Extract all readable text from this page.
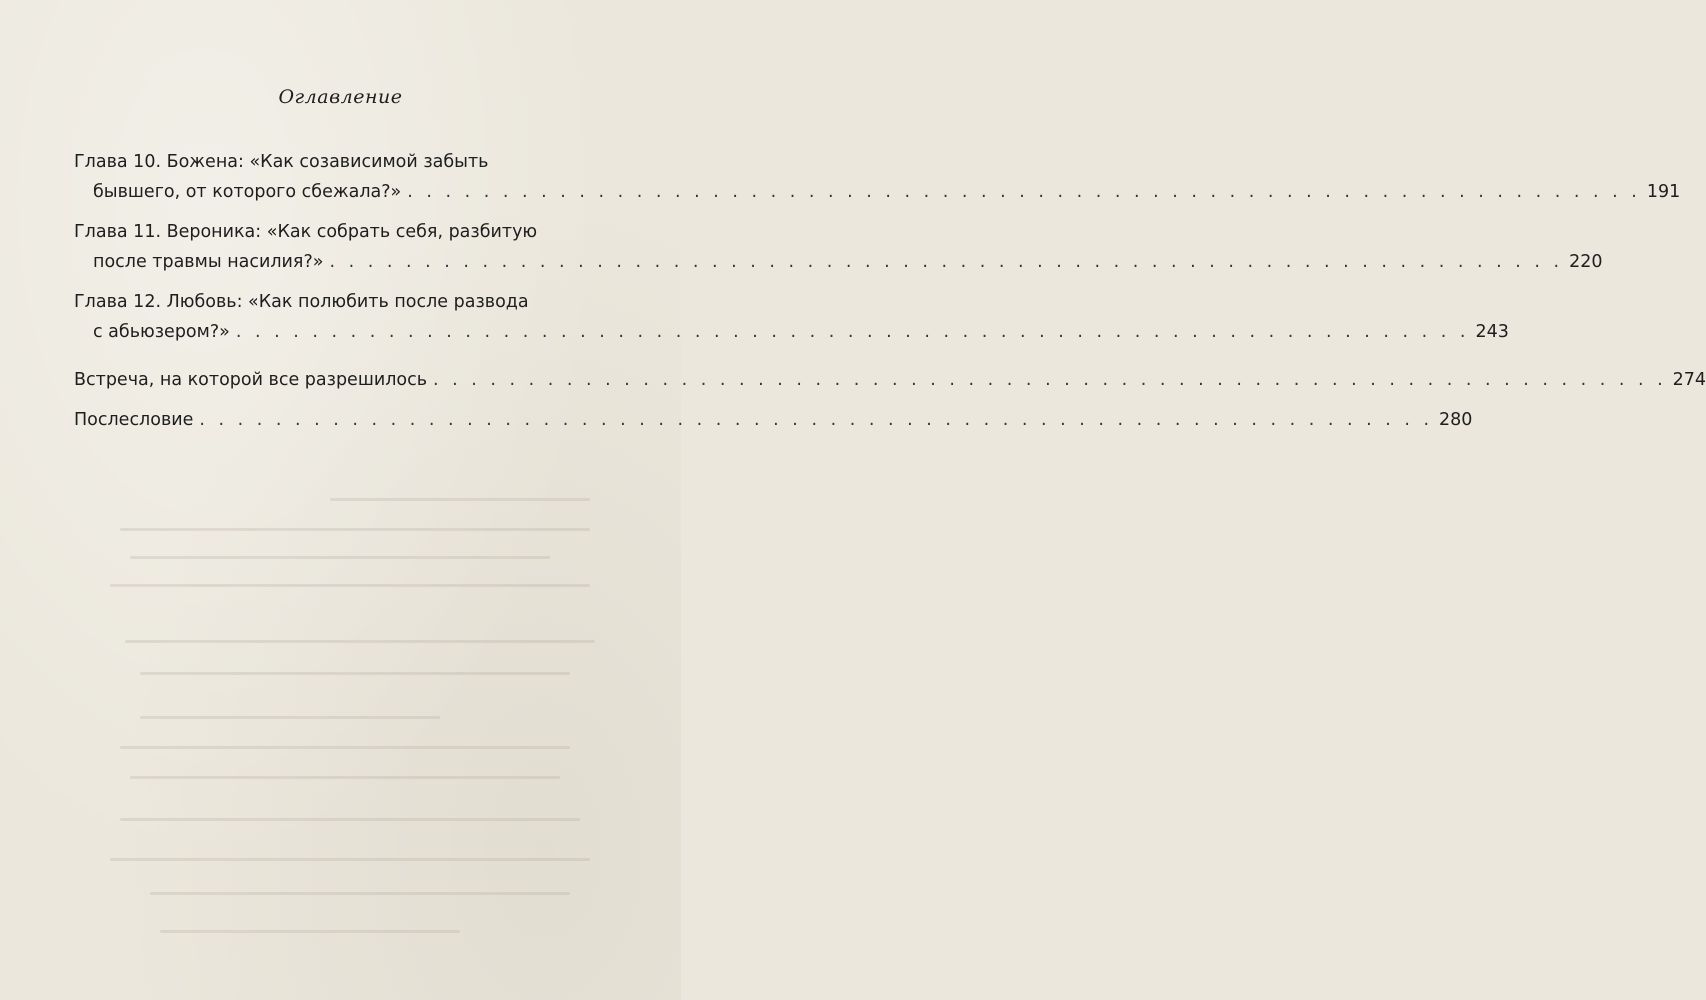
Оглавление
Глава 10. Божена: «Как созависимой забыть
бывшего, от которого сбежала?» . . . . . . . . . . . . . . . . . . . . . . . . . . . . . . . . . . . . . . . . . . . . . . . . . . . . . . . . . . . . . . . . . 191
Глава 11. Вероника: «Как собрать себя, разбитую
после травмы насилия?» . . . . . . . . . . . . . . . . . . . . . . . . . . . . . . . . . . . . . . . . . . . . . . . . . . . . . . . . . . . . . . . . . 220
Глава 12. Любовь: «Как полюбить после развода
с абьюзером?» . . . . . . . . . . . . . . . . . . . . . . . . . . . . . . . . . . . . . . . . . . . . . . . . . . . . . . . . . . . . . . . . . 243
Встреча, на которой все разрешилось . . . . . . . . . . . . . . . . . . . . . . . . . . . . . . . . . . . . . . . . . . . . . . . . . . . . . . . . . . . . . . . . . 274
Послесловие . . . . . . . . . . . . . . . . . . . . . . . . . . . . . . . . . . . . . . . . . . . . . . . . . . . . . . . . . . . . . . . . . 280
